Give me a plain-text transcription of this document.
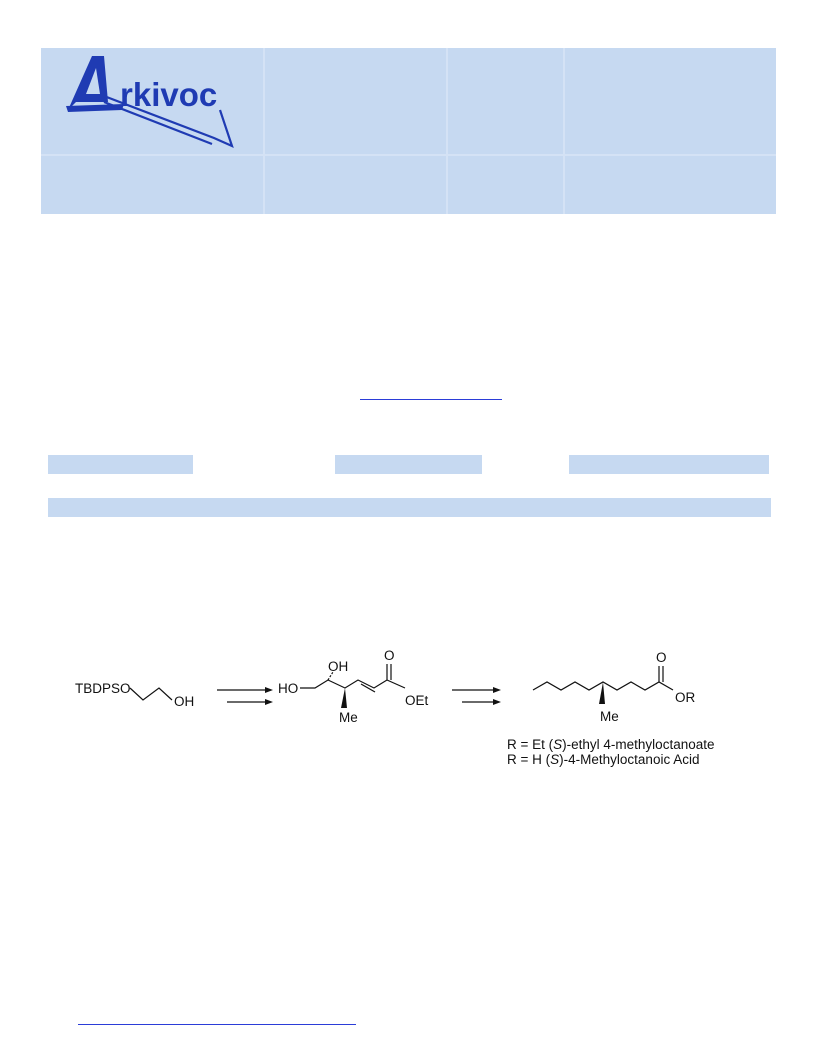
rkivoc
TBDPSO
OH
HO
OH
Me
O
OEt
Me
O
OR
R = Et (S)-ethyl 4-methyloctanoate
R = H (S)-4-Methyloctanoic Acid
